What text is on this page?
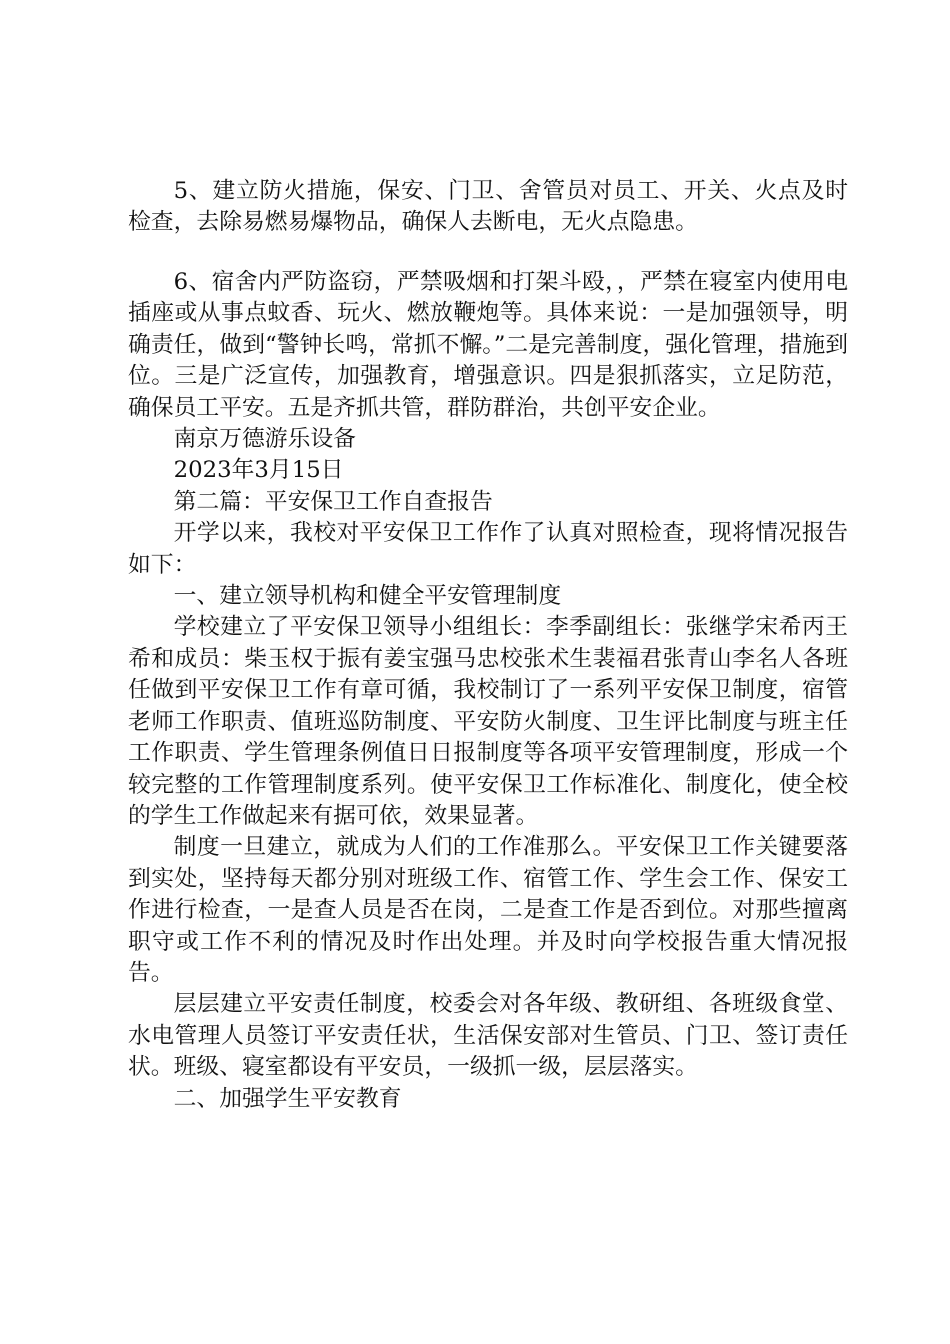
5、建立防火措施，保安、门卫、舍管员对员工、开关、火点及时检查，去除易燃易爆物品，确保人去断电，无火点隐患。

6、宿舍内严防盗窃，严禁吸烟和打架斗殴，，严禁在寝室内使用电插座或从事点蚊香、玩火、燃放鞭炮等。具体来说：一是加强领导，明确责任，做到“警钟长鸣，常抓不懈。”二是完善制度，强化管理，措施到位。三是广泛宣传，加强教育，增强意识。四是狠抓落实，立足防范，确保员工平安。五是齐抓共管，群防群治，共创平安企业。

南京万德游乐设备

2023年3月15日

第二篇：平安保卫工作自查报告

开学以来，我校对平安保卫工作作了认真对照检查，现将情况报告如下：

一、建立领导机构和健全平安管理制度

学校建立了平安保卫领导小组组长：李季副组长：张继学宋希丙王希和成员：柴玉权于振有姜宝强马忠校张术生裴福君张青山李名人各班任做到平安保卫工作有章可循，我校制订了一系列平安保卫制度，宿管老师工作职责、值班巡防制度、平安防火制度、卫生评比制度与班主任工作职责、学生管理条例值日日报制度等各项平安管理制度，形成一个较完整的工作管理制度系列。使平安保卫工作标准化、制度化，使全校的学生工作做起来有据可依，效果显著。

制度一旦建立，就成为人们的工作准那么。平安保卫工作关键要落到实处，坚持每天都分别对班级工作、宿管工作、学生会工作、保安工作进行检查，一是查人员是否在岗，二是查工作是否到位。对那些擅离职守或工作不利的情况及时作出处理。并及时向学校报告重大情况报告。

层层建立平安责任制度，校委会对各年级、教研组、各班级食堂、水电管理人员签订平安责任状，生活保安部对生管员、门卫、签订责任状。班级、寝室都设有平安员，一级抓一级，层层落实。

二、加强学生平安教育
